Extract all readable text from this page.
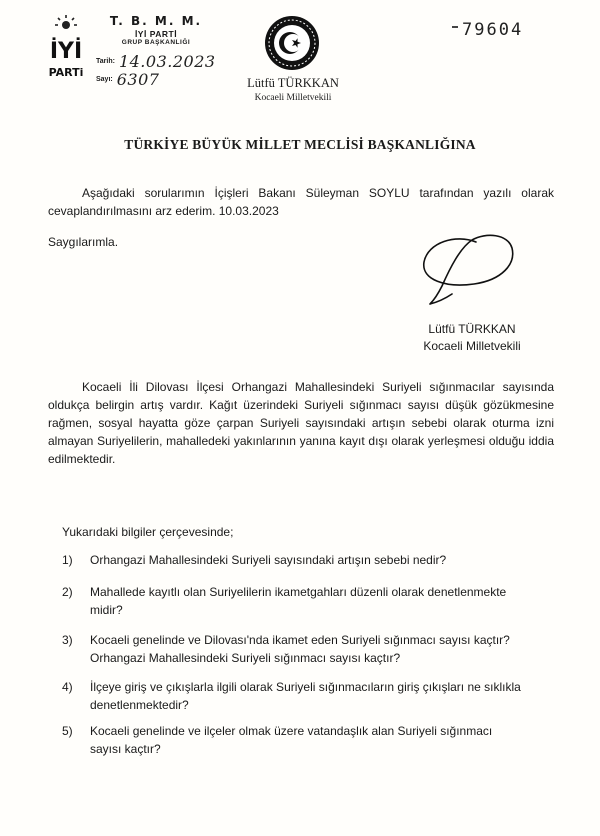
İYİ
PARTi
T. B. M. M.
İYİ PARTİ
GRUP BAŞKANLIĞI
Tarih: 14.03.2023
Sayı: 6307	Lütfü TÜRKKAN
Kocaeli Milletvekili
79604
TÜRKİYE BÜYÜK MİLLET MECLİSİ BAŞKANLIĞINA
Aşağıdaki sorularımın İçişleri Bakanı Süleyman SOYLU tarafından yazılı olarak cevaplandırılmasını arz ederim. 10.03.2023
Saygılarımla.
Lütfü TÜRKKAN
Kocaeli Milletvekili
Kocaeli İli Dilovası İlçesi Orhangazi Mahallesindeki Suriyeli sığınmacılar sayısında oldukça belirgin artış vardır. Kağıt üzerindeki Suriyeli sığınmacı sayısı düşük gözükmesine rağmen, sosyal hayatta göze çarpan Suriyeli sayısındaki artışın sebebi olarak oturma izni almayan Suriyelilerin, mahalledeki yakınlarının yanına kayıt dışı olarak yerleşmesi olduğu iddia edilmektedir.
Yukarıdaki bilgiler çerçevesinde;
1)	Orhangazi Mahallesindeki Suriyeli sayısındaki artışın sebebi nedir?
2)	Mahallede kayıtlı olan Suriyelilerin ikametgahları düzenli olarak denetlenmekte midir?
3)	Kocaeli genelinde ve Dilovası'nda ikamet eden Suriyeli sığınmacı sayısı kaçtır? Orhangazi Mahallesindeki Suriyeli sığınmacı sayısı kaçtır?
4)	İlçeye giriş ve çıkışlarla ilgili olarak Suriyeli sığınmacıların giriş çıkışları ne sıklıkla denetlenmektedir?
5)	Kocaeli genelinde ve ilçeler olmak üzere vatandaşlık alan Suriyeli sığınmacı sayısı kaçtır?
